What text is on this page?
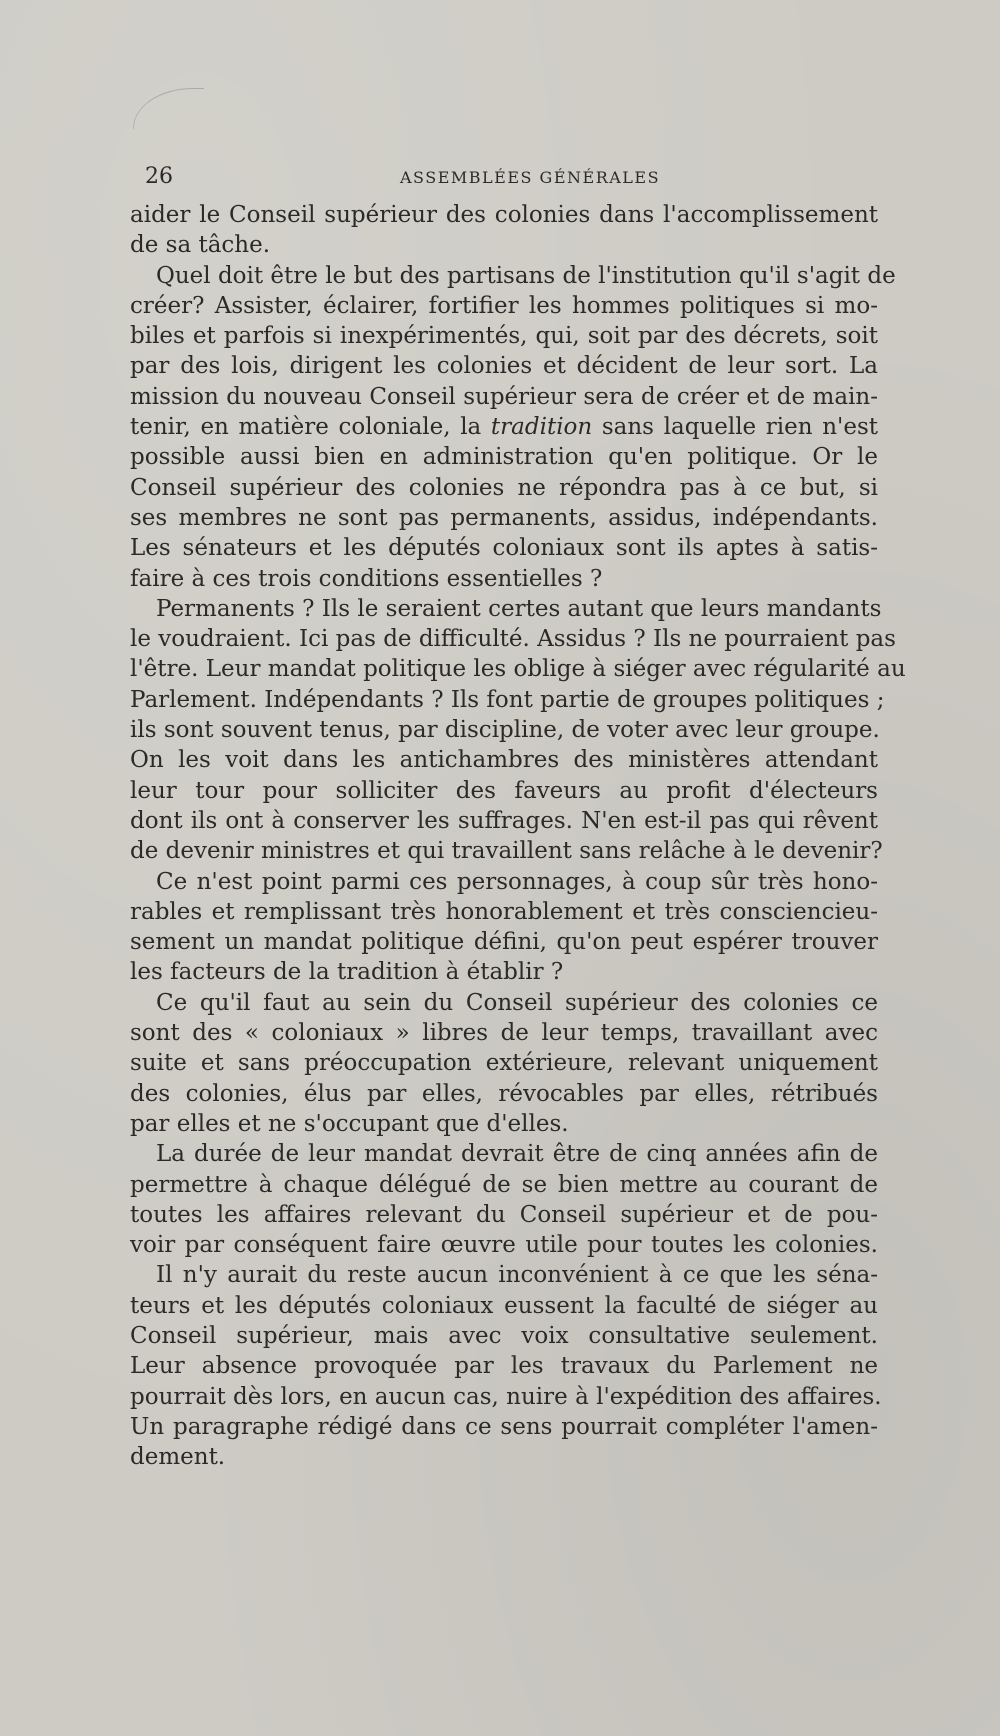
26	ASSEMBLÉES GÉNÉRALES
aider le Conseil supérieur des colonies dans l'accomplissement
de sa tâche.
Quel doit être le but des partisans de l'institution qu'il s'agit de
créer? Assister, éclairer, fortifier les hommes politiques si mo-
biles et parfois si inexpérimentés, qui, soit par des décrets, soit
par des lois, dirigent les colonies et décident de leur sort. La
mission du nouveau Conseil supérieur sera de créer et de main-
tenir, en matière coloniale, la tradition sans laquelle rien n'est
possible aussi bien en administration qu'en politique. Or le
Conseil supérieur des colonies ne répondra pas à ce but, si
ses membres ne sont pas permanents, assidus, indépendants.
Les sénateurs et les députés coloniaux sont ils aptes à satis-
faire à ces trois conditions essentielles ?
Permanents ? Ils le seraient certes autant que leurs mandants
le voudraient. Ici pas de difficulté. Assidus ? Ils ne pourraient pas
l'être. Leur mandat politique les oblige à siéger avec régularité au
Parlement. Indépendants ? Ils font partie de groupes politiques ;
ils sont souvent tenus, par discipline, de voter avec leur groupe.
On les voit dans les antichambres des ministères attendant
leur tour pour solliciter des faveurs au profit d'électeurs
dont ils ont à conserver les suffrages. N'en est-il pas qui rêvent
de devenir ministres et qui travaillent sans relâche à le devenir?
Ce n'est point parmi ces personnages, à coup sûr très hono-
rables et remplissant très honorablement et très consciencieu-
sement un mandat politique défini, qu'on peut espérer trouver
les facteurs de la tradition à établir ?
Ce qu'il faut au sein du Conseil supérieur des colonies ce
sont des « coloniaux » libres de leur temps, travaillant avec
suite et sans préoccupation extérieure, relevant uniquement
des colonies, élus par elles, révocables par elles, rétribués
par elles et ne s'occupant que d'elles.
La durée de leur mandat devrait être de cinq années afin de
permettre à chaque délégué de se bien mettre au courant de
toutes les affaires relevant du Conseil supérieur et de pou-
voir par conséquent faire œuvre utile pour toutes les colonies.
Il n'y aurait du reste aucun inconvénient à ce que les séna-
teurs et les députés coloniaux eussent la faculté de siéger au
Conseil supérieur, mais avec voix consultative seulement.
Leur absence provoquée par les travaux du Parlement ne
pourrait dès lors, en aucun cas, nuire à l'expédition des affaires.
Un paragraphe rédigé dans ce sens pourrait compléter l'amen-
dement.
